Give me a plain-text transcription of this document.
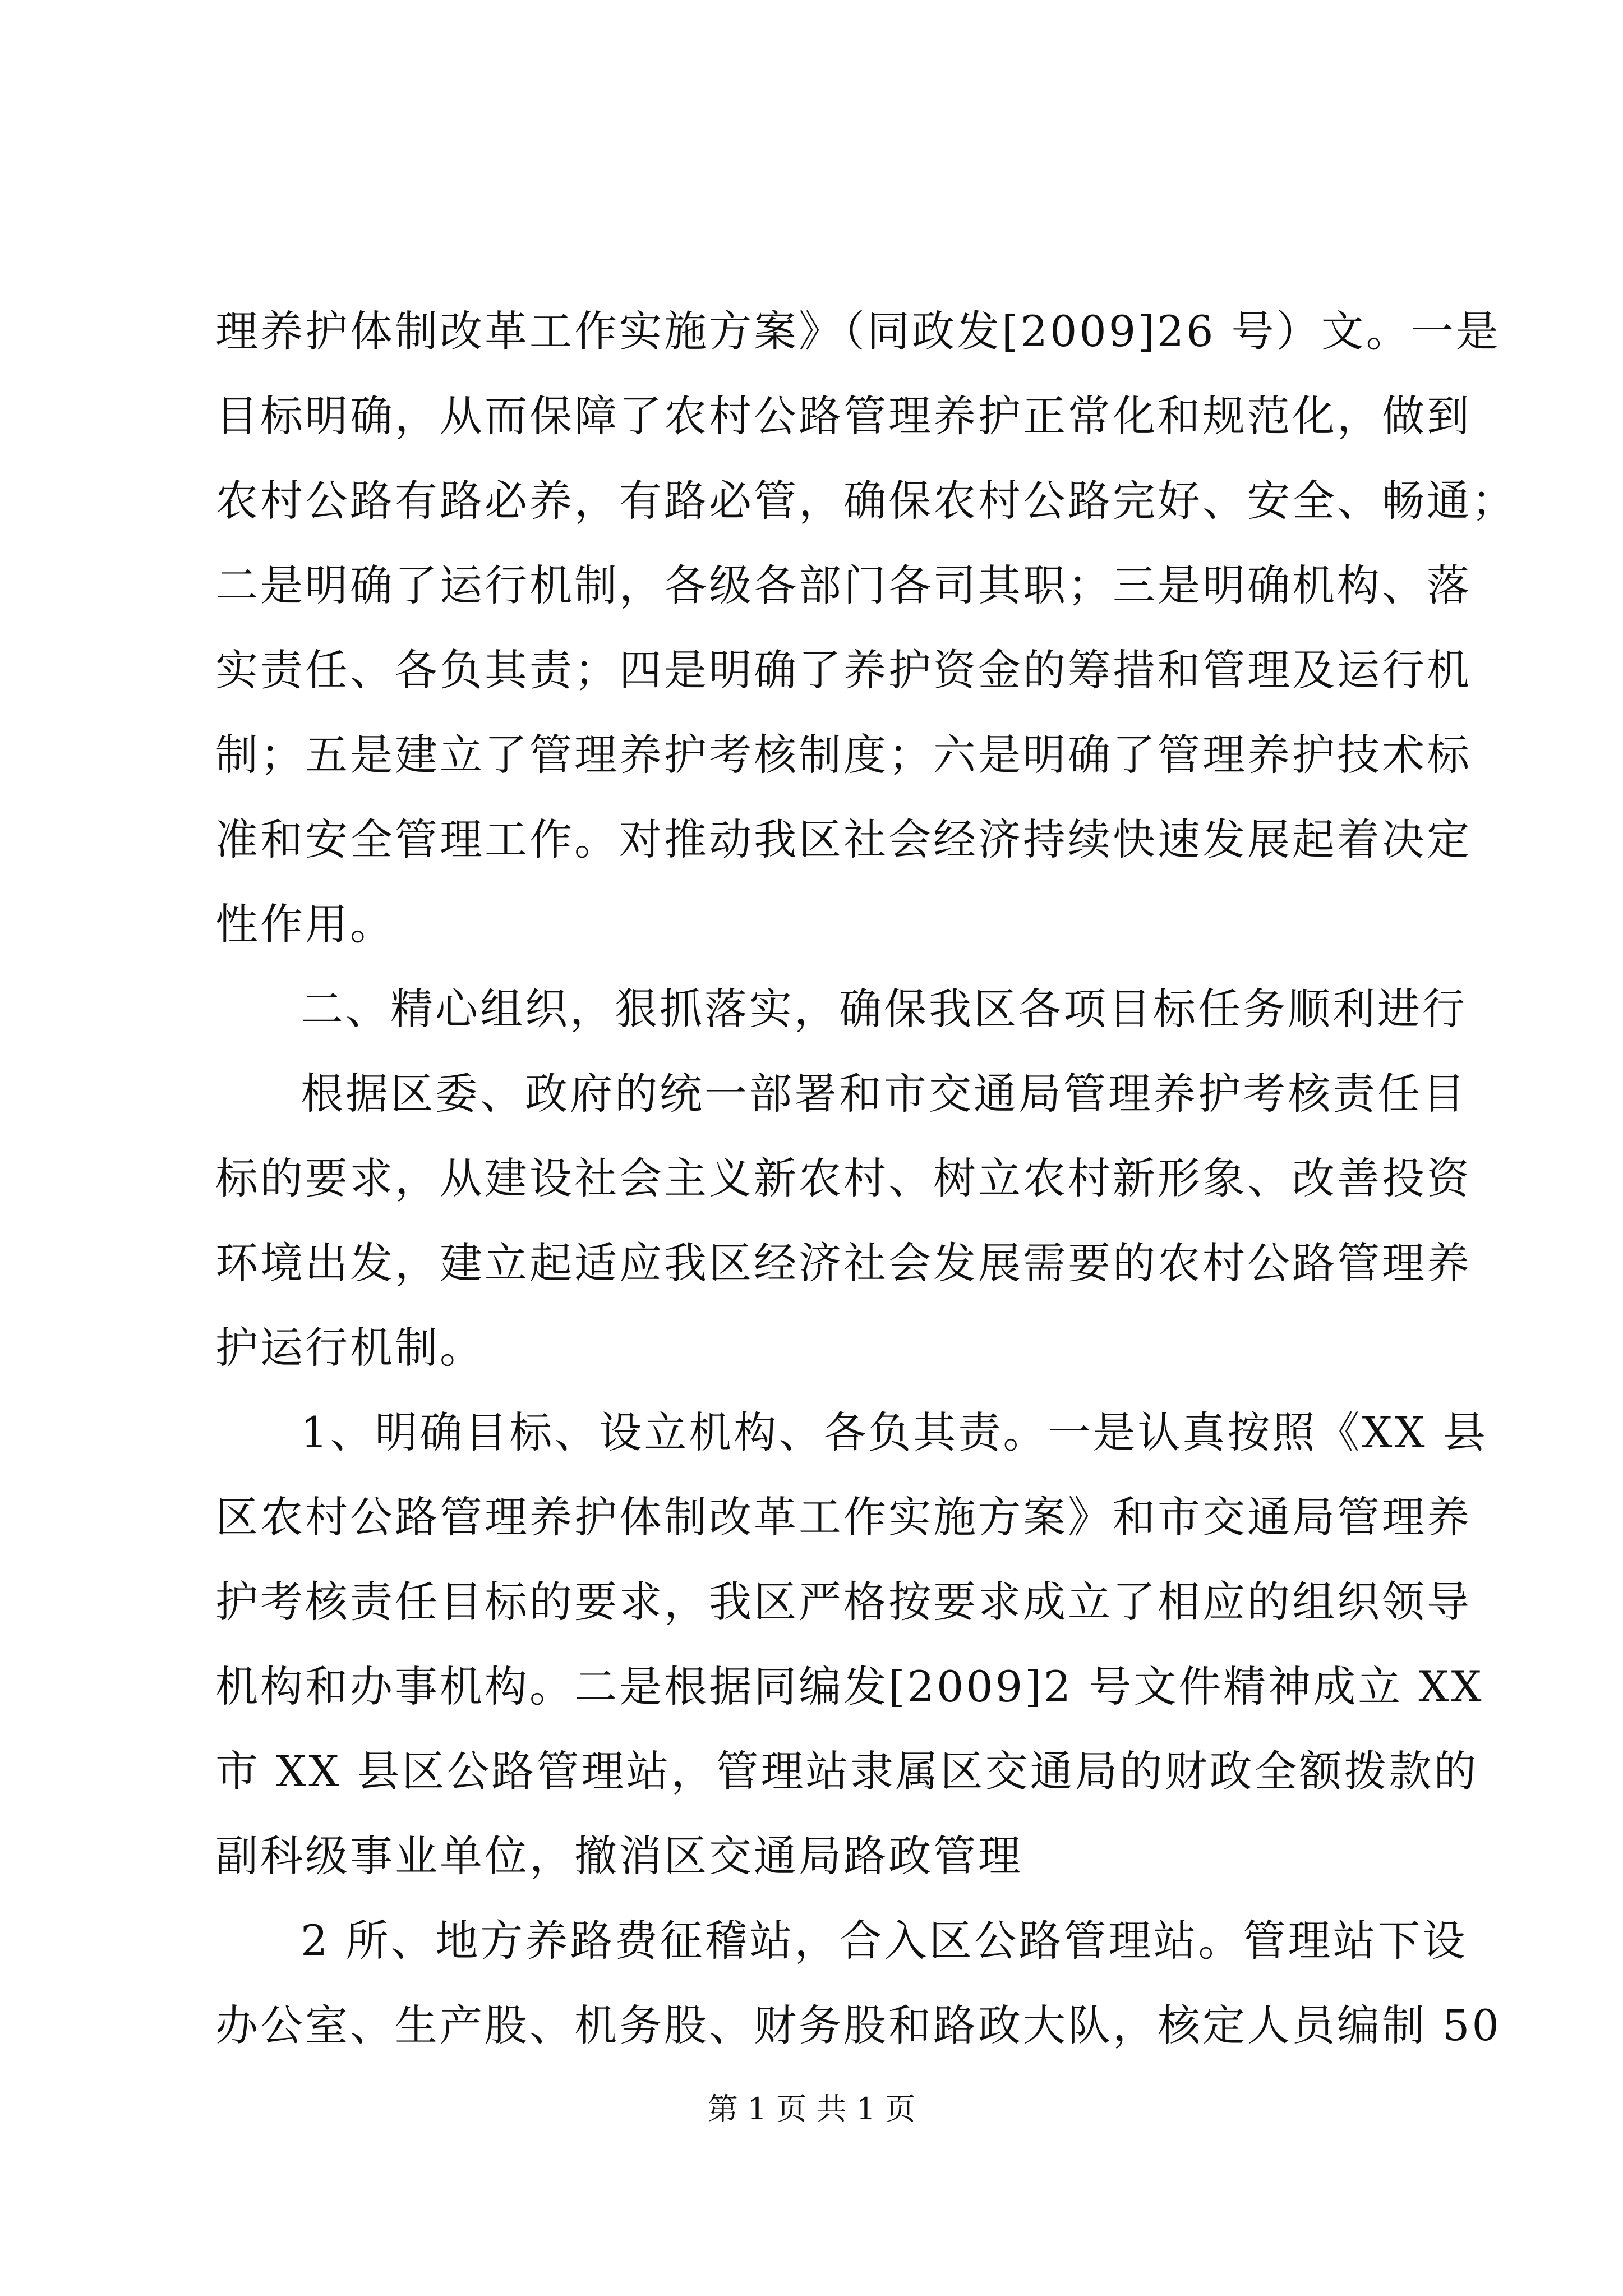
理养护体制改革工作实施方案》（同政发[2009]26 号）文。一是
目标明确，从而保障了农村公路管理养护正常化和规范化，做到
农村公路有路必养，有路必管，确保农村公路完好、安全、畅通；
二是明确了运行机制，各级各部门各司其职；三是明确机构、落
实责任、各负其责；四是明确了养护资金的筹措和管理及运行机
制；五是建立了管理养护考核制度；六是明确了管理养护技术标
准和安全管理工作。对推动我区社会经济持续快速发展起着决定
性作用。
二、精心组织，狠抓落实，确保我区各项目标任务顺利进行
根据区委、政府的统一部署和市交通局管理养护考核责任目
标的要求，从建设社会主义新农村、树立农村新形象、改善投资
环境出发，建立起适应我区经济社会发展需要的农村公路管理养
护运行机制。
1、明确目标、设立机构、各负其责。一是认真按照《XX 县
区农村公路管理养护体制改革工作实施方案》和市交通局管理养
护考核责任目标的要求，我区严格按要求成立了相应的组织领导
机构和办事机构。二是根据同编发[2009]2 号文件精神成立 XX
市 XX 县区公路管理站，管理站隶属区交通局的财政全额拨款的
副科级事业单位，撤消区交通局路政管理
2 所、地方养路费征稽站，合入区公路管理站。管理站下设
办公室、生产股、机务股、财务股和路政大队，核定人员编制 50
第 1 页 共 1 页
